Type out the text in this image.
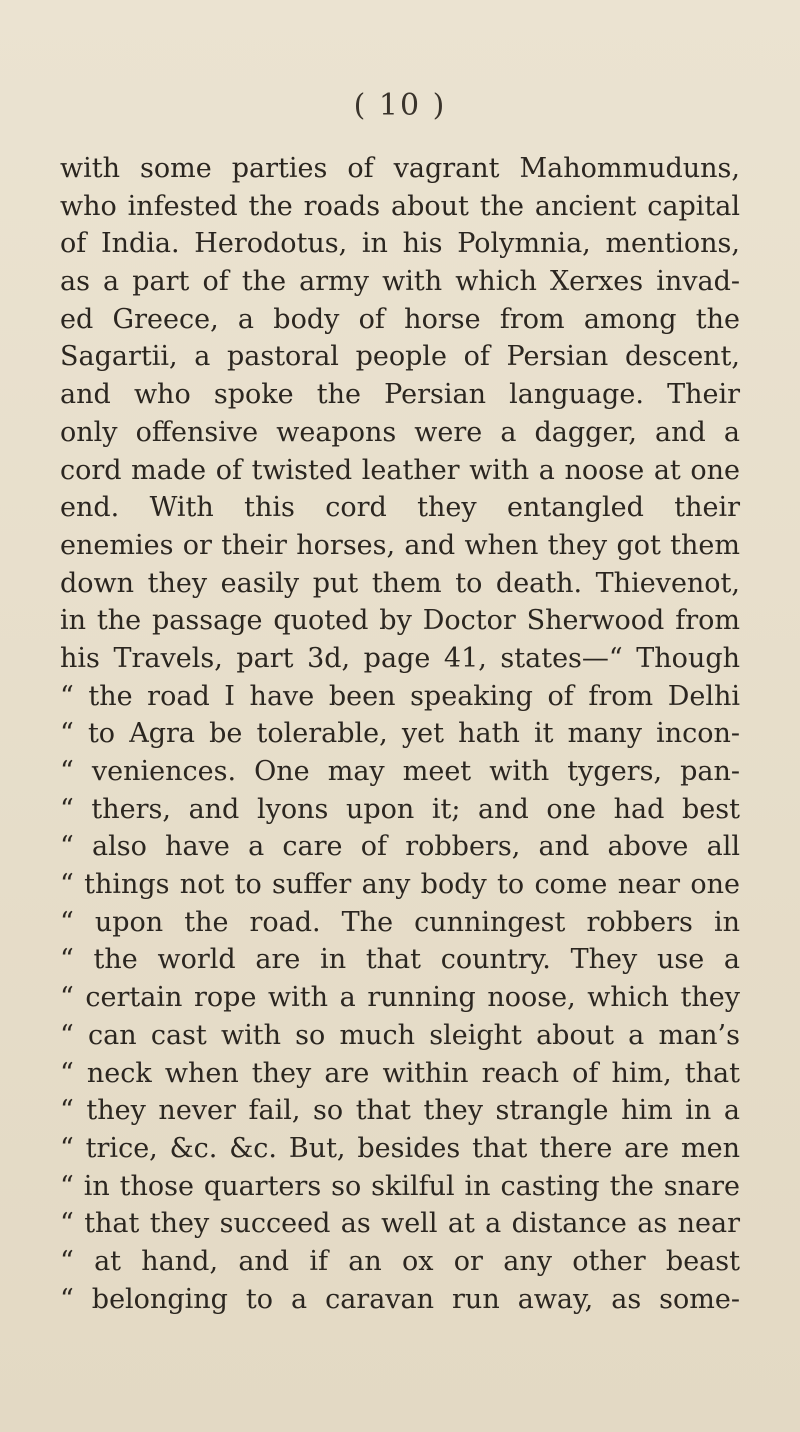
( 10 )
with some parties of vagrant Mahommuduns,
who infested the roads about the ancient capital
of India. Herodotus, in his Polymnia, mentions,
as a part of the army with which Xerxes invad-
ed Greece, a body of horse from among the
Sagartii, a pastoral people of Persian descent,
and who spoke the Persian language. Their
only offensive weapons were a dagger, and a
cord made of twisted leather with a noose at one
end. With this cord they entangled their
enemies or their horses, and when they got them
down they easily put them to death. Thievenot,
in the passage quoted by Doctor Sherwood from
his Travels, part 3d, page 41, states—“ Though
“ the road I have been speaking of from Delhi
“ to Agra be tolerable, yet hath it many incon-
“ veniences. One may meet with tygers, pan-
“ thers, and lyons upon it; and one had best
“ also have a care of robbers, and above all
“ things not to suffer any body to come near one
“ upon the road. The cunningest robbers in
“ the world are in that country. They use a
“ certain rope with a running noose, which they
“ can cast with so much sleight about a man’s
“ neck when they are within reach of him, that
“ they never fail, so that they strangle him in a
“ trice, &c. &c. But, besides that there are men
“ in those quarters so skilful in casting the snare
“ that they succeed as well at a distance as near
“ at hand, and if an ox or any other beast
“ belonging to a caravan run away, as some-
